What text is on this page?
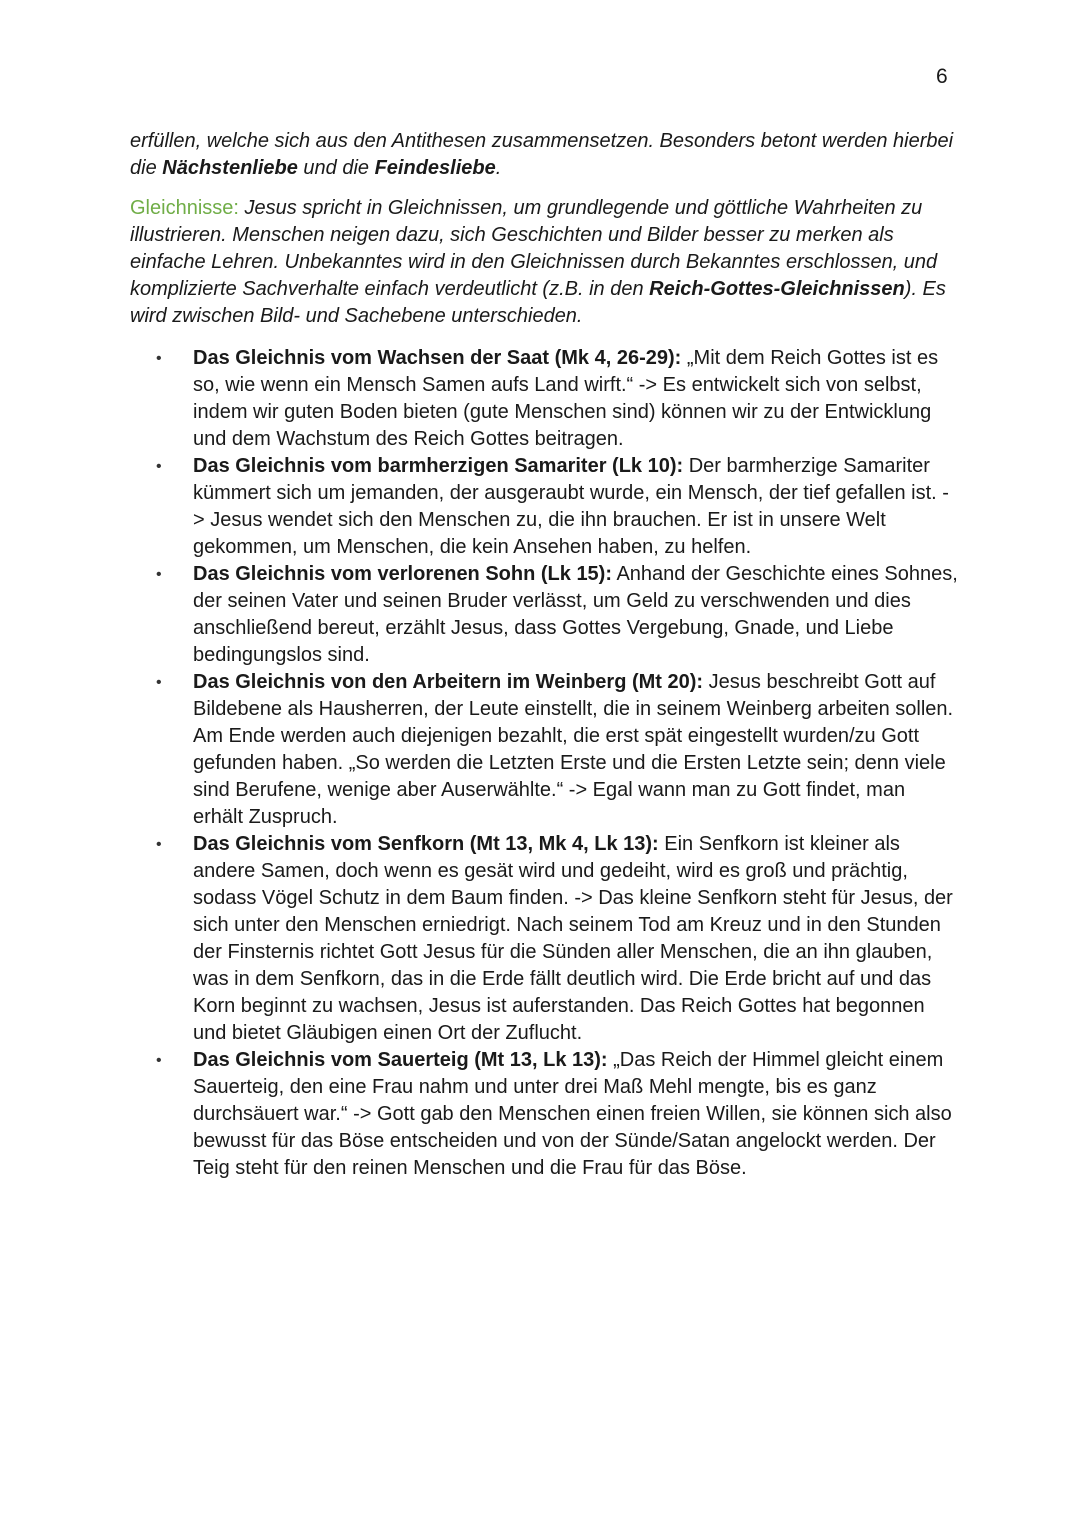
6

erfüllen, welche sich aus den Antithesen zusammensetzen. Besonders betont werden hierbei die Nächstenliebe und die Feindesliebe.

Gleichnisse: Jesus spricht in Gleichnissen, um grundlegende und göttliche Wahrheiten zu illustrieren. Menschen neigen dazu, sich Geschichten und Bilder besser zu merken als einfache Lehren. Unbekanntes wird in den Gleichnissen durch Bekanntes erschlossen, und komplizierte Sachverhalte einfach verdeutlicht (z.B. in den Reich-Gottes-Gleichnissen). Es wird zwischen Bild- und Sachebene unterschieden.

• Das Gleichnis vom Wachsen der Saat (Mk 4, 26-29): „Mit dem Reich Gottes ist es so, wie wenn ein Mensch Samen aufs Land wirft.“ -> Es entwickelt sich von selbst, indem wir guten Boden bieten (gute Menschen sind) können wir zu der Entwicklung und dem Wachstum des Reich Gottes beitragen.
• Das Gleichnis vom barmherzigen Samariter (Lk 10): Der barmherzige Samariter kümmert sich um jemanden, der ausgeraubt wurde, ein Mensch, der tief gefallen ist. -> Jesus wendet sich den Menschen zu, die ihn brauchen. Er ist in unsere Welt gekommen, um Menschen, die kein Ansehen haben, zu helfen.
• Das Gleichnis vom verlorenen Sohn (Lk 15): Anhand der Geschichte eines Sohnes, der seinen Vater und seinen Bruder verlässt, um Geld zu verschwenden und dies anschließend bereut, erzählt Jesus, dass Gottes Vergebung, Gnade, und Liebe bedingungslos sind.
• Das Gleichnis von den Arbeitern im Weinberg (Mt 20): Jesus beschreibt Gott auf Bildebene als Hausherren, der Leute einstellt, die in seinem Weinberg arbeiten sollen. Am Ende werden auch diejenigen bezahlt, die erst spät eingestellt wurden/zu Gott gefunden haben. „So werden die Letzten Erste und die Ersten Letzte sein; denn viele sind Berufene, wenige aber Auserwählte.“ -> Egal wann man zu Gott findet, man erhält Zuspruch.
• Das Gleichnis vom Senfkorn (Mt 13, Mk 4, Lk 13): Ein Senfkorn ist kleiner als andere Samen, doch wenn es gesät wird und gedeiht, wird es groß und prächtig, sodass Vögel Schutz in dem Baum finden. -> Das kleine Senfkorn steht für Jesus, der sich unter den Menschen erniedrigt. Nach seinem Tod am Kreuz und in den Stunden der Finsternis richtet Gott Jesus für die Sünden aller Menschen, die an ihn glauben, was in dem Senfkorn, das in die Erde fällt deutlich wird. Die Erde bricht auf und das Korn beginnt zu wachsen, Jesus ist auferstanden. Das Reich Gottes hat begonnen und bietet Gläubigen einen Ort der Zuflucht.
• Das Gleichnis vom Sauerteig (Mt 13, Lk 13): „Das Reich der Himmel gleicht einem Sauerteig, den eine Frau nahm und unter drei Maß Mehl mengte, bis es ganz durchsäuert war.“ -> Gott gab den Menschen einen freien Willen, sie können sich also bewusst für das Böse entscheiden und von der Sünde/Satan angelockt werden. Der Teig steht für den reinen Menschen und die Frau für das Böse.
